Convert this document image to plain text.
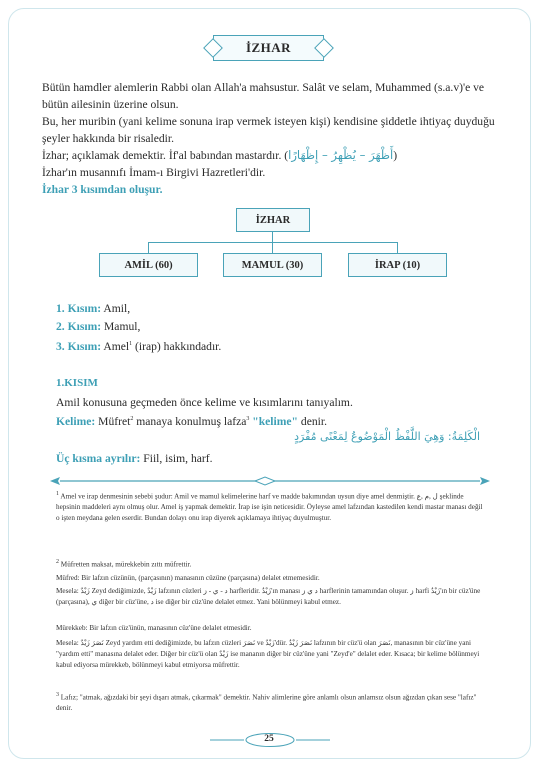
İZHAR
Bütün hamdler alemlerin Rabbi olan Allah'a mahsustur. Salât ve selam, Muhammed (s.a.v)'e ve bütün ailesinin üzerine olsun.
Bu, her muribin (yani kelime sonuna irap vermek isteyen kişi) kendisine şiddetle ihtiyaç duyduğu şeyler hakkında bir risaledir.
İzhar; açıklamak demektir. İf'al babından mastardır. (أَظْهَرَ – يُظْهِرُ – إِظْهَارًا)
İzhar'ın musannıfı İmam-ı Birgivi Hazretleri'dir.
İzhar 3 kısımdan oluşur.
İZHAR
AMİL (60)	MAMUL (30)	İRAP (10)
1. Kısım: Amil,
2. Kısım: Mamul,
3. Kısım: Amel$^1$ (irap) hakkındadır.
1.KISIM
Amil konusuna geçmeden önce kelime ve kısımlarını tanıyalım.
Kelime: Müfret$^2$ manaya konulmuş lafza$^3$ "kelime" denir.
الْكَلِمَةُ: وَهِيَ اللَّفْظُ الْمَوْضُوعُ لِمَعْنًى مُفْرَدٍ
Üç kısma ayrılır: Fiil, isim, harf.
$^1$ Amel ve irap denmesinin sebebi şudur: Amil ve mamul kelimelerine harf ve madde bakımından uysun diye amel denmiştir. ل ,م ,ع şeklinde hepsinin maddeleri aynı olmuş olur. Amel iş yapmak demektir. İrap ise işin neticesidir. Öyleyse amel lafzından kastedilen kendi mastar manası değil o işten meydana gelen eserdir. Bundan dolayı onu irap diyerek açıklamaya ihtiyaç duyulmuştur.
$^2$ Müfretten maksat, mürekkebin zıttı müfrettir.
Müfred: Bir lafzın cüzünün, (parçasının) manasının cüzüne (parçasına) delalet etmemesidir.
Mesela: زَيْدٌ Zeyd dediğimizde, زَيْدٌ lafzının cüzleri د - ي - ز harfleridir. زَيْدٌ'ın manası د ي ز harflerinin tamamından oluşur. ز harfi زَيْدٌ'ın bir cüz'üne (parçasına), ي diğer bir cüz'üne, د ise diğer bir cüz'üne delalet etmez. Yani bölünmeyi kabul etmez.
Mürekkeb: Bir lafzın cüz'ünün, manasının cüz'üne delalet etmesidir.
Mesela: نَصَرَ زَيْدٌ Zeyd yardım etti dediğimizde, bu lafzın cüzleri نَصَرَ ve زَيْدٌ'dür. نَصَرَ زَيْدٌ lafzının bir cüz'ü olan نَصَرَ, manasının bir cüz'üne yani "yardım etti" manasına delalet eder. Diğer bir cüz'ü olan زَيْدٌ ise mananın diğer bir cüz'üne yani "Zeyd'e" delalet eder. Kısaca; bir kelime bölünmeyi kabul ediyorsa mürekkeb, bölünmeyi kabul etmiyorsa müfrettir.
$^3$ Lafız; "atmak, ağızdaki bir şeyi dışarı atmak, çıkarmak" demektir. Nahiv alimlerine göre anlamlı olsun anlamsız olsun ağızdan çıkan sese "lafız" denir.
25
